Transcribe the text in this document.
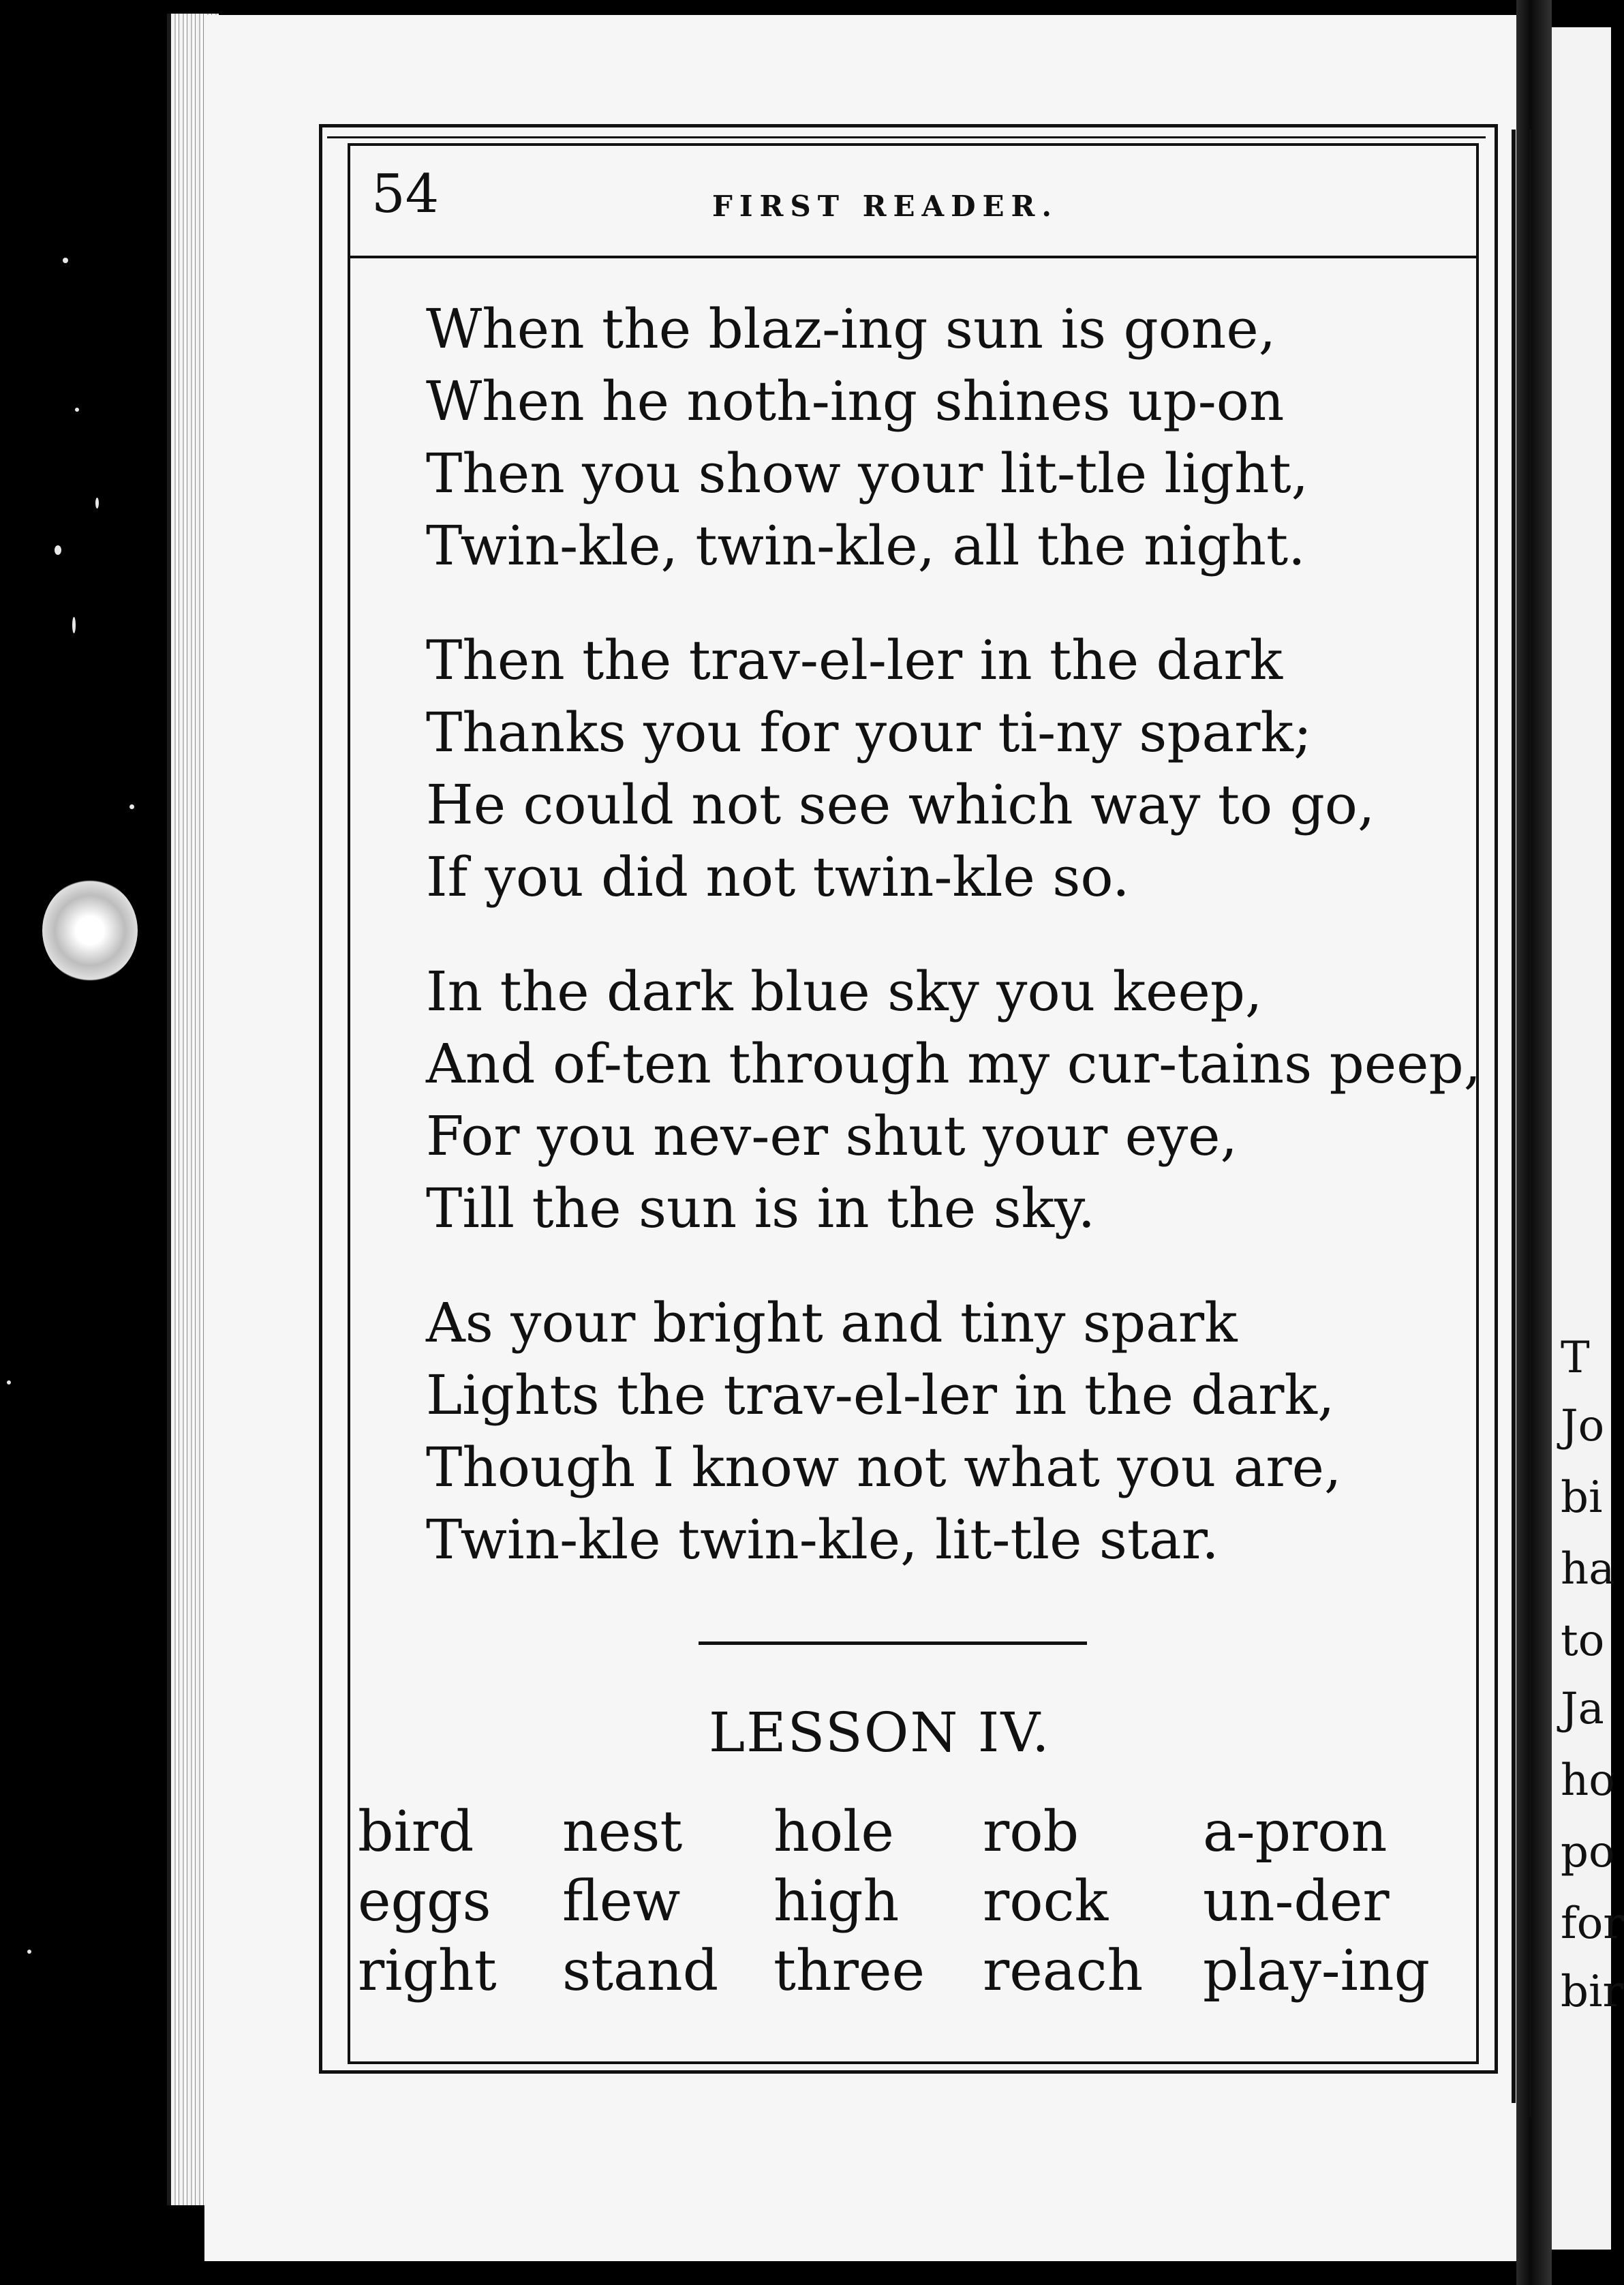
T
Jo
bi
ha
to
Ja
ho
po
for
bir
54	FIRST READER.
When the blaz-ing sun is gone,
When he noth-ing shines up-on
Then you show your lit-tle light,
Twin-kle, twin-kle, all the night.
Then the trav-el-ler in the dark
Thanks you for your ti-ny spark;
He could not see which way to go,
If you did not twin-kle so.
In the dark blue sky you keep,
And of-ten through my cur-tains peep,
For you nev-er shut your eye,
Till the sun is in the sky.
As your bright and tiny spark
Lights the trav-el-ler in the dark,
Though I know not what you are,
Twin-kle twin-kle, lit-tle star.
LESSON IV.
bird nest hole rob a-pron
eggs flew high rock un-der
right stand three reach play-ing
